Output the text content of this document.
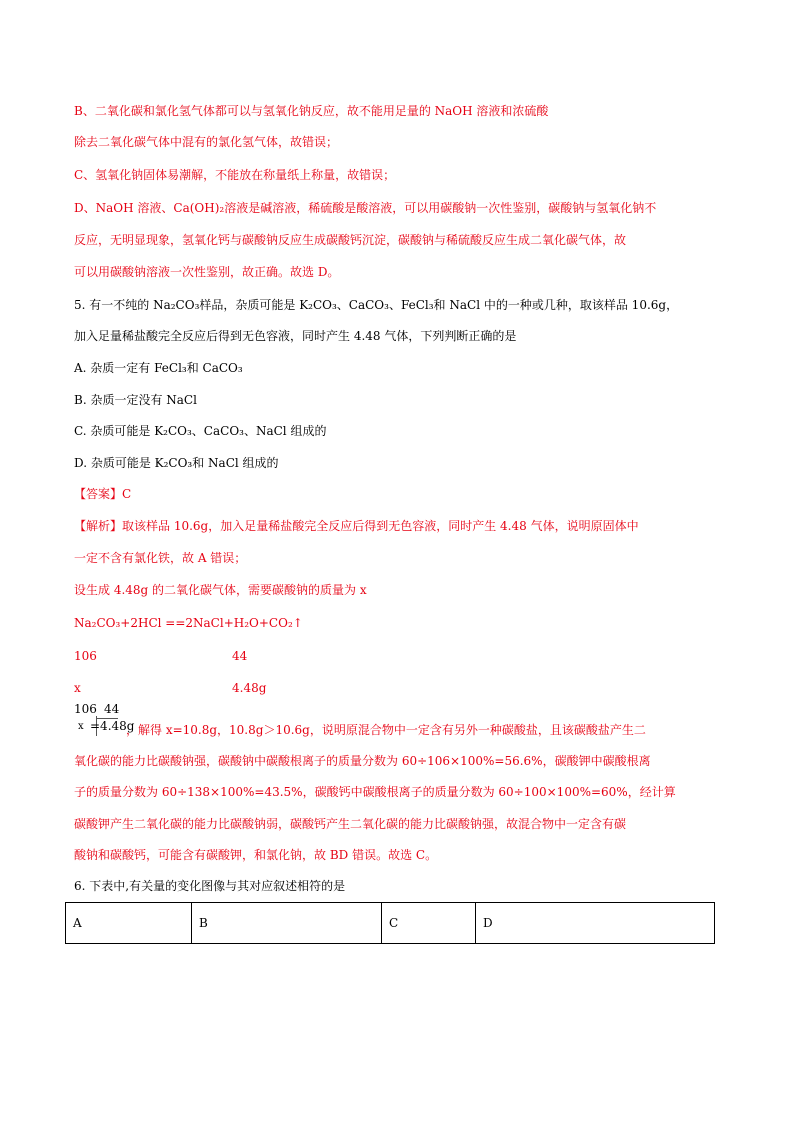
B、二氧化碳和氯化氢气体都可以与氢氧化钠反应，故不能用足量的 NaOH 溶液和浓硫酸
除去二氧化碳气体中混有的氯化氢气体，故错误；
C、氢氧化钠固体易潮解，不能放在称量纸上称量，故错误；
D、NaOH 溶液、Ca(OH)₂溶液是碱溶液，稀硫酸是酸溶液，可以用碳酸钠一次性鉴别，碳酸钠与氢氧化钠不
反应，无明显现象，氢氧化钙与碳酸钠反应生成碳酸钙沉淀，碳酸钠与稀硫酸反应生成二氧化碳气体，故
可以用碳酸钠溶液一次性鉴别，故正确。故选 D。
5. 有一不纯的 Na₂CO₃样品，杂质可能是 K₂CO₃、CaCO₃、FeCl₃和 NaCl 中的一种或几种，取该样品 10.6g，
加入足量稀盐酸完全反应后得到无色容液，同时产生 4.48 气体，下列判断正确的是
A. 杂质一定有 FeCl₃和 CaCO₃
B. 杂质一定没有 NaCl
C. 杂质可能是 K₂CO₃、CaCO₃、NaCl 组成的
D. 杂质可能是 K₂CO₃和 NaCl 组成的
【答案】C
【解析】取该样品 10.6g，加入足量稀盐酸完全反应后得到无色容液，同时产生 4.48 气体，说明原固体中
一定不含有氯化铁，故 A 错误；
设生成 4.48g 的二氧化碳气体，需要碳酸钠的质量为 x
Na₂CO₃+2HCl ==2NaCl+H₂O+CO₂↑
106	44
x	4.48g
106 44
x =4.48g
，解得 x=10.8g，10.8g＞10.6g，说明原混合物中一定含有另外一种碳酸盐，且该碳酸盐产生二
氧化碳的能力比碳酸钠强，碳酸钠中碳酸根离子的质量分数为 60÷106×100%=56.6%，碳酸钾中碳酸根离
子的质量分数为 60÷138×100%=43.5%，碳酸钙中碳酸根离子的质量分数为 60÷100×100%=60%，经计算
碳酸钾产生二氧化碳的能力比碳酸钠弱，碳酸钙产生二氧化碳的能力比碳酸钠强，故混合物中一定含有碳
酸钠和碳酸钙，可能含有碳酸钾，和氯化钠，故 BD 错误。故选 C。
6. 下表中,有关量的变化图像与其对应叙述相符的是
A	B	C	D
